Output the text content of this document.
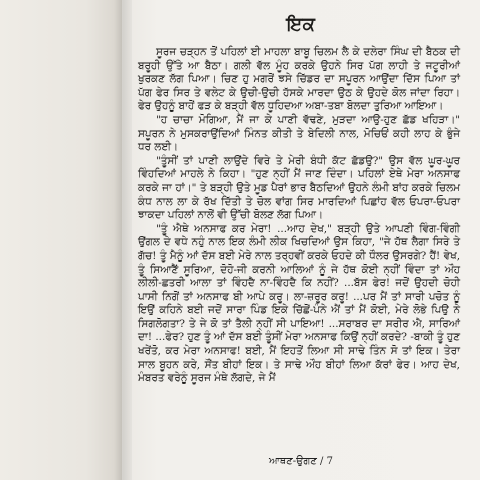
ਇਕ

ਸੂਰਜ ਚੜ੍ਹਨ ਤੋਂ ਪਹਿਲਾਂ ਈ ਮਾਹਲਾ ਬਾਬੂ ਚਿਲਮ ਲੈ ਕੇ ਦਲੇਰਾ ਸਿੰਘ ਦੀ ਬੈਠਕ ਦੀ ਬਰੂਹੀ ਉੱਤੇ ਆ ਬੈਠਾ। ਗਲੀ ਵੱਲ ਮੂੰਹ ਕਰਕੇ ਉਹਨੇ ਸਿਰ ਪੱਗ ਲਾਹੀ ਤੇ ਜਟੂਰੀਆਂ ਖੁਰਕਣ ਲੱਗ ਪਿਆ। ਚਿਣ ਹੁ ਮਗਰੋਂ ਝਸੇ ਚਿੱਡਰ ਦਾ ਸਪੂਰਨ ਆਉਂਦਾ ਦਿੱਸ ਪਿਆ ਤਾਂ ਪੱਗ ਫੇਰ ਸਿਰ ਤੇ ਵਲੇਟ ਕੇ ਉਚੀ-ਉਚੀ ਹੱਸਕੇ ਮਾਰਦਾ ਉਠ ਕੇ ਉਹਦੇ ਕੋਲ ਜਾਂਦਾ ਰਿਹਾ। ਫੇਰ ਉਹਨੂੰ ਬਾਹੋਂ ਫੜ ਕੇ ਬੜ੍ਹੀ ਵੱਲ ਧੂਹਿਦਆ ਅਬਾ-ਤਬਾ ਬੋਲਦਾ ਤੁਰਿਆ ਆਇਆ।

"ਹ ਚਾਚਾ ਮੋਗਿਆ, ਮੈਂ ਜਾ ਕੇ ਪਾਣੀ ਵੱਢਣੇ, ਮੁੜਦਾ ਆਉ-ਹੁਣ ਛੱਡ ਖਹਿੜਾ।" ਸਪੂਰਨ ਨੇ ਮੁਸਕਰਾਉਂਦਿਆਂ ਮਿੰਨਤ ਕੀਤੀ ਤੇ ਬੇਦਿਲੀ ਨਾਲ, ਮੋਚਿਓਂ ਕਹੀ ਲਾਹ ਕੇ ਭੁੰਜੇ ਧਰ ਲਈ।

"ਤੂੰਸੀਂ ਤਾਂ ਪਾਣੀ ਲਾਉਂਦੇ ਵਿਰੇ ਤੇ ਮੇਰੀ ਬੰਧੀ ਕੱਟ ਛੱਡਉ?" ਉਸ ਵੱਲ ਘੂਰ-ਘੂਰ ਵਿੰਹਦਿਆਂ ਮਾਹਲੇ ਨੇ ਕਿਹਾ। "ਹੁਣ ਨ੍ਹੀਂ ਮੈਂ ਜਾਣ ਦਿੰਦਾ। ਪਹਿਲਾਂ ਏਥੇ ਮੇਰਾ ਅਨਸਾਫ ਕਰਕੇ ਜਾ ਹਾਂ।" ਤੇ ਬੜ੍ਹੀ ਉਤੇ ਮੂਡ ਪੈਰਾਂ ਭਾਰ ਬੈਠਦਿਆਂ ਉਹਨੇ ਲੰਮੀ ਬਾਂਹ ਕਰਕੇ ਚਿਲਮ ਕੰਧ ਨਾਲ ਲਾ ਕੇ ਰੱਖ ਦਿੱਤੀ ਤੇ ਚੋਲ ਵਾਂਗ ਸਿਰ ਮਾਰਦਿਆਂ ਪਿਛਾਂਹ ਵੱਲ ਓਪਰਾ-ਓਪਰਾ ਝਾਕਦਾ ਪਹਿਲਾਂ ਨਾਲੋਂ ਵੀ ਉੱਚੀ ਬੋਲਣ ਲੱਗ ਪਿਆ।

"ਤੂੰ ਐਥੇ ਅਨਸਾਫ ਕਰ ਮੇਰਾ! ...ਆਹ ਦੇਖ," ਬੜ੍ਹੀ ਉਤੇ ਆਪਣੀ ਵਿੰਗ-ਵਿੰਗੀ ਉਂਗਲ ਦੇ ਵਧੇ ਨਹੁੰ ਨਾਲ ਇਕ ਲੰਮੀ ਲੀਕ ਖਿਚਦਿਆਂ ਉਸ ਕਿਹਾ, "ਜੇ ਹੱਥ ਲੈਗਾ ਸਿਰੇ ਤੇ ਗੱਚ! ਤੂੰ ਮੈਨੂੰ ਆਂ ਦੱਸ ਬਈ ਮੇਰੇ ਨਾਲ ਤਰ੍ਹਵੀਂ ਕਰਕੇ ਓਹਦੇ ਕੀ ਧੌਲਰ ਉਸਰਗੇ? ਹੈਂ! ਵੇਖ, ਤੂੰ ਸਿਆਣੈਂ ਸੂਰਿਆ, ਦੋਹੋ-ਜੀ ਕਰਨੀ ਆਲਿਆਂ ਨੂੰ ਜੇ ਹੱਥ ਕੋਈ ਨ੍ਹੀਂ ਵਿੰਦਾ ਤਾਂ ਔਹ ਲੀਲੀ-ਛਤਰੀ ਆਲਾ ਤਾਂ ਵਿੰਹਦੈ ਨਾ-ਵਿੰਹਦੈ ਕਿ ਨਹੀਂ? ...ਬੱਸ ਫੇਰ! ਜਦੋਂ ਉਹਦੀ ਚੋਹੀ ਪਾਸੀ ਨਿਗੋਂ ਤਾਂ ਅਨਸਾਫ ਬੀ ਆਪੇ ਕਰੂ। ਲਾ-ਜ਼ਰੂਰ ਕਰੂ! ...ਪਰ ਮੈਂ ਤਾਂ ਸਾਰੀ ਪਚੋਤ ਨੂੰ ਇਉਂ ਕਹਿਨੇ ਬਈ ਜਦੋਂ ਸਾਰਾ ਪਿੰਡ ਇਕੇ ਚਿੱਛੋਂ-ਪੰਨੇ ਐਂ ਤਾਂ ਮੈਂ ਕੋਈ, ਮੇਰੇ ਲੋਭੇ ਪਿਉ ਨੇ ਸਿਗਲੋਗਤਾ? ਤੇ ਜੇ ਕੋ ਤਾਂ ਤੈਲੀ ਨ੍ਹੀਂ ਸੀ ਪਾਇਆ! ...ਸਰਾਬਰ ਦਾ ਸਰੀਰ ਐ, ਸਾਰਿਆਂ ਦਾ! ...ਫੇਰ? ਹੁਣ ਤੂੰ ਆਂ ਦੱਸ ਬਈ ਤੂੰਸੀਂ ਮੇਰਾ ਅਨਸਾਫ ਕਿਉਂ ਨ੍ਹੀਂ ਕਰਦੇ? -ਬਾਕੀ ਤੂੰ ਹੁਣ ਖਰੇਂਤੋ, ਕਰ ਮੇਰਾ ਅਨਸਾਫ! ਬਈ, ਮੈਂ ਇਹਤੋਂ ਲਿਆ ਸੀ ਸਾਢੇ ਤਿੰਨ ਸੋ ਤਾਂ ਇਕ। ਤੇਰਾ ਸਾਲ ਬੂਹਨ ਕਰੇ, ਸੌਂਤ ਬੀਹਾਂ ਇਕ। ਤੇ ਸਾਢੇ ਔਹ ਬੀਹਾਂ ਲਿਆ ਕੱਰਾਂ ਫੇਰ। ਆਹ ਦੇਖ, ਮੰਬਰਤ ਵਰੇਨੂੰ ਸੂਰਜ ਮੰਥੇ ਲੱਗਦੇ, ਜੇ ਮੈਂ

ਆਥਣ-ਉਗਣ / 7
